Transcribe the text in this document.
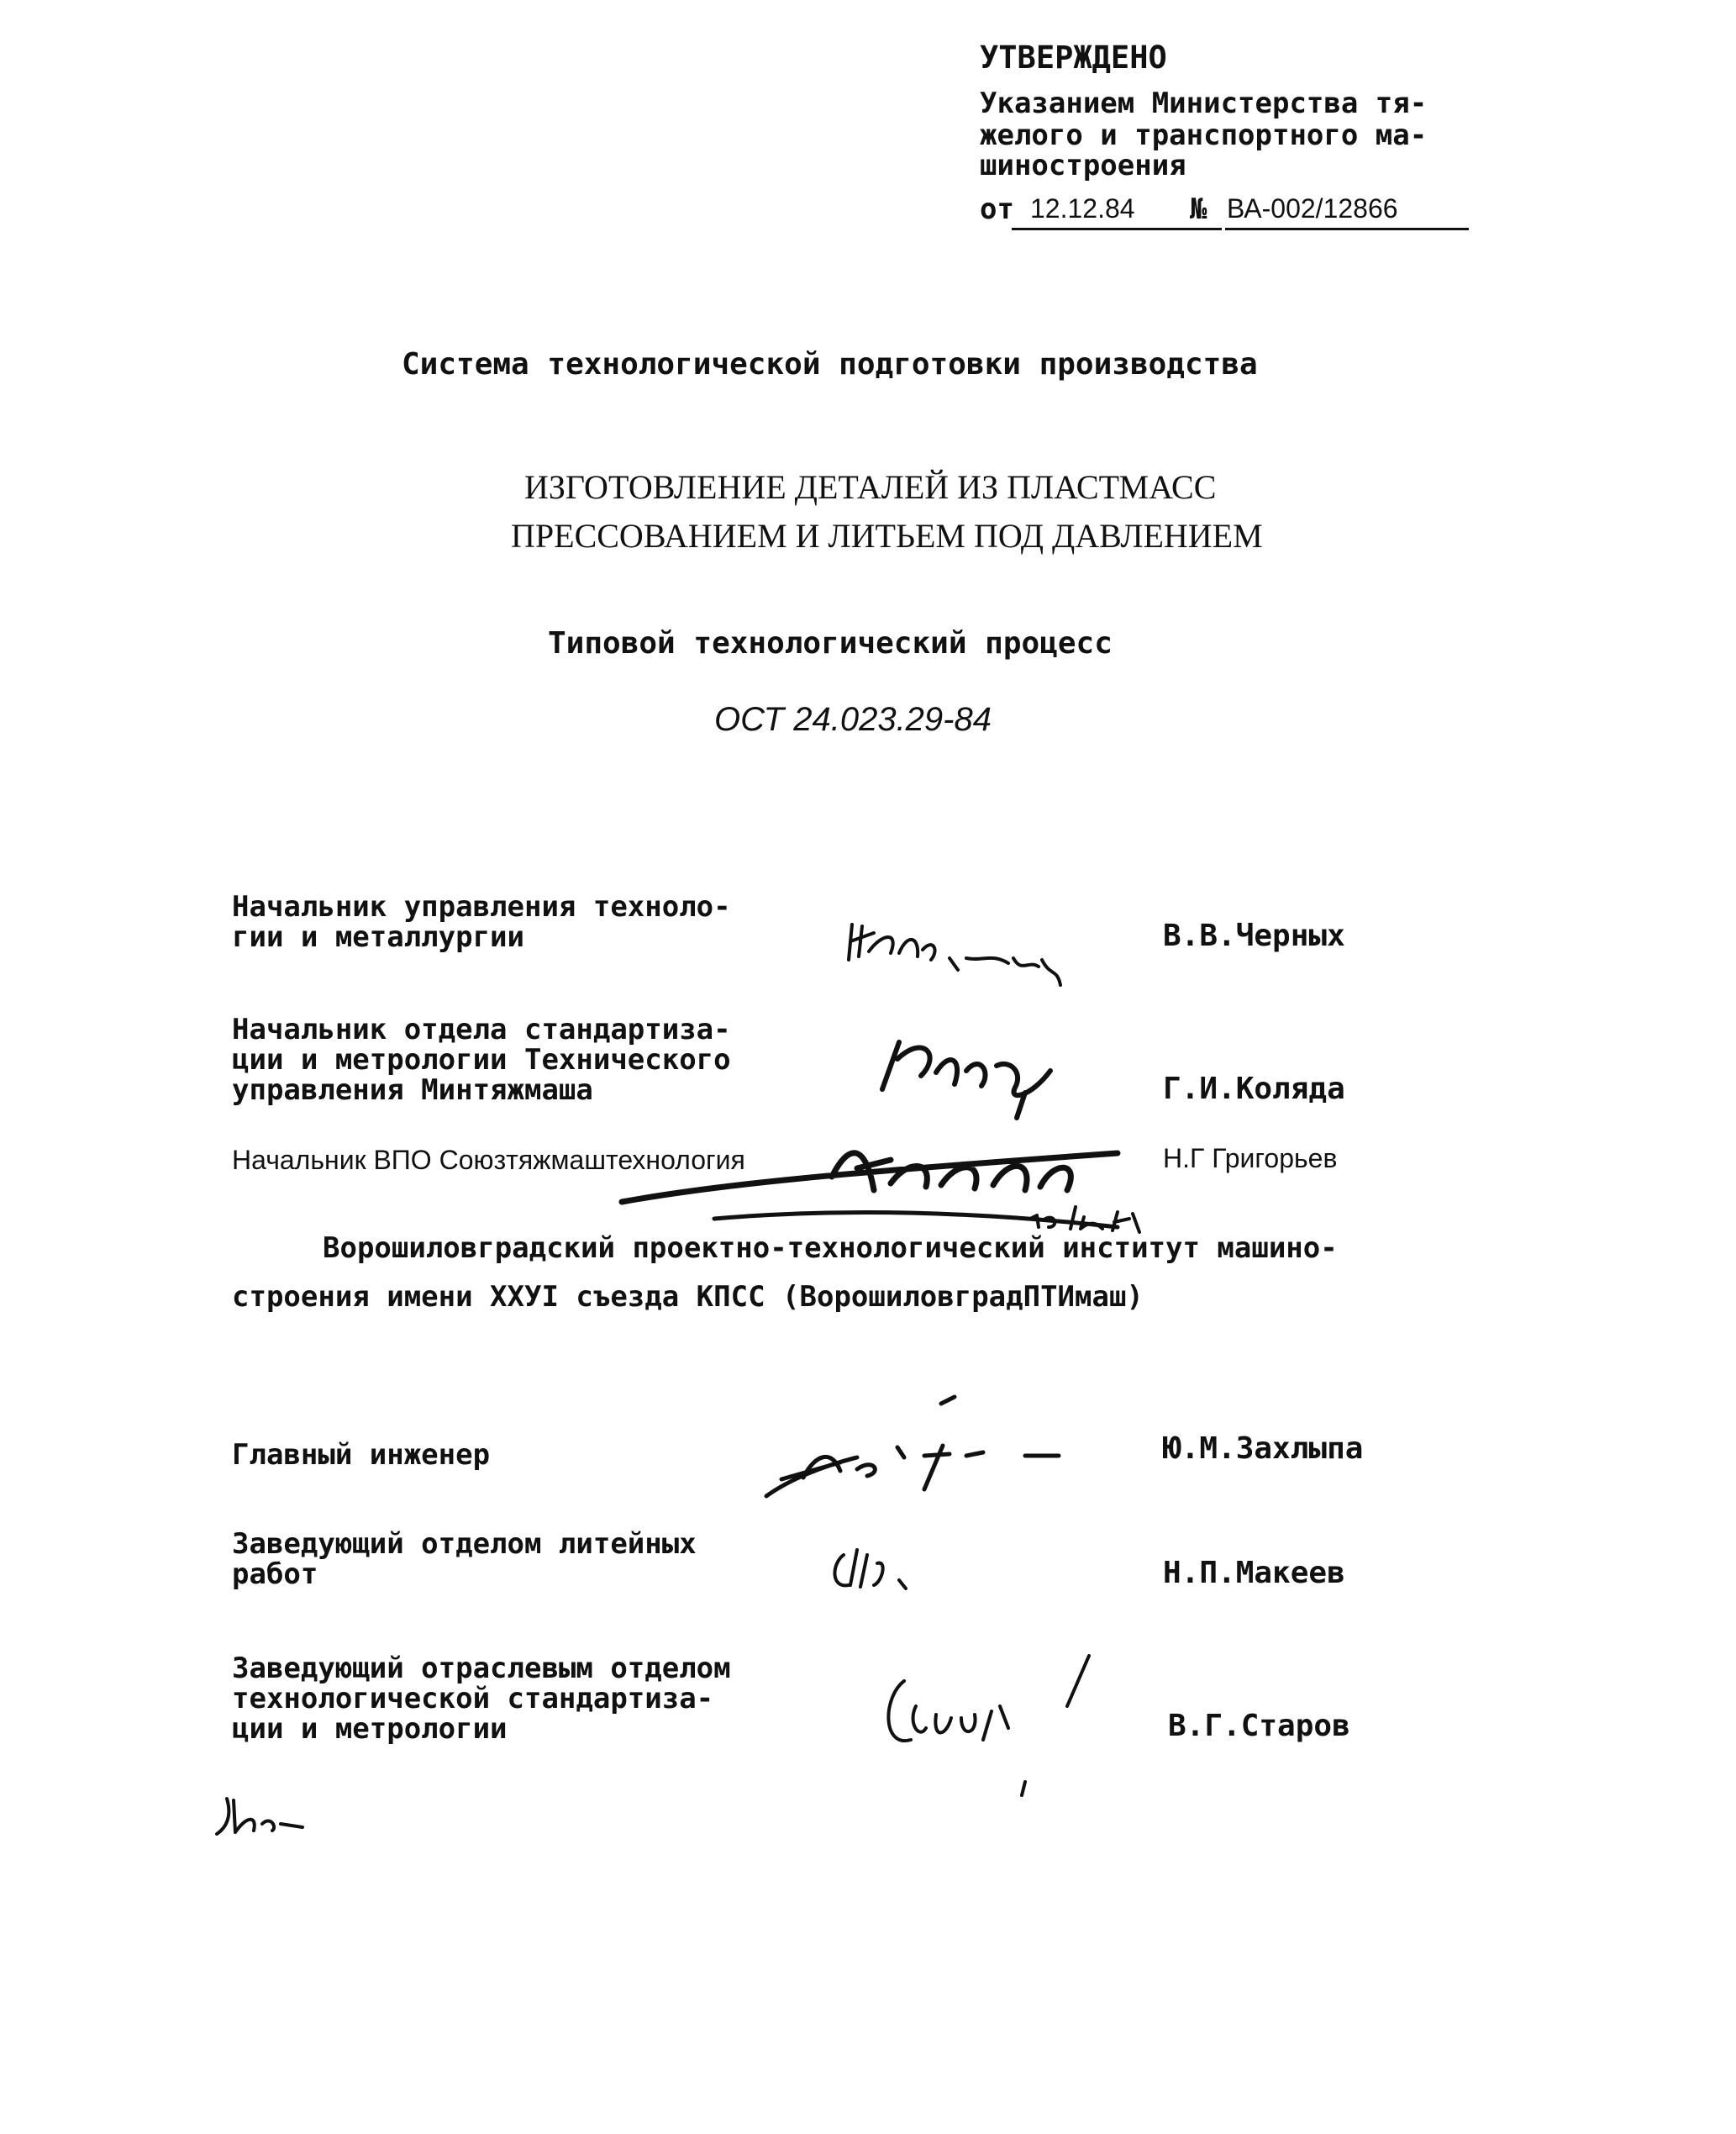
УТВЕРЖДЕНО
Указанием Министерства тя-
желого и транспортного ма-
шиностроения
от 12.12.84 № ВА-002/12866
Система технологической подготовки производства
ИЗГОТОВЛЕНИЕ ДЕТАЛЕЙ ИЗ ПЛАСТМАСС
ПРЕССОВАНИЕМ И ЛИТЬЕМ ПОД ДАВЛЕНИЕМ
Типовой технологический процесс
ОСТ 24.023.29-84
Начальник управления техноло-
гии и металлургии	В.В.Черных
Начальник отдела стандартиза-
ции и метрологии Технического
управления Минтяжмаша	Г.И.Коляда
Начальник ВПО Союзтяжмаштехнология	Н.Г Григорьев
Ворошиловградский проектно-технологический институт машино-
строения имени XXУI съезда КПСС (ВорошиловградПТИмаш)
Главный инженер	Ю.М.Захлыпа
Заведующий отделом литейных
работ	Н.П.Макеев
Заведующий отраслевым отделом
технологической стандартиза-
ции и метрологии	В.Г.Старов
